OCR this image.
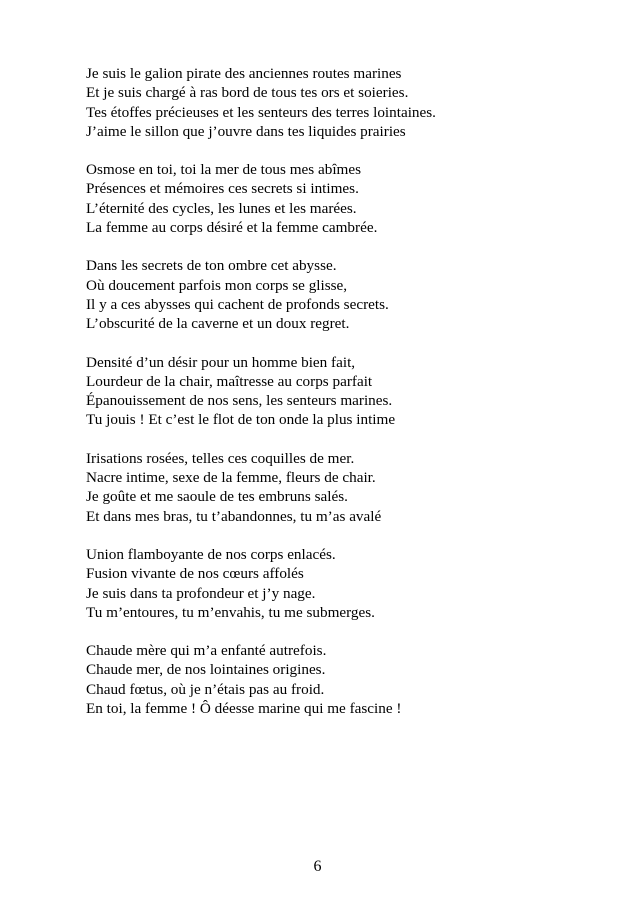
Je suis le galion pirate des anciennes routes marines
Et je suis chargé à ras bord de tous tes ors et soieries.
Tes étoffes précieuses et les senteurs des terres lointaines.
J’aime le sillon que j’ouvre dans tes liquides prairies
Osmose en toi, toi la mer de tous mes abîmes
Présences et mémoires ces secrets si intimes.
L’éternité des cycles, les lunes et les marées.
La femme au corps désiré et la femme cambrée.
Dans les secrets de ton ombre cet abysse.
Où doucement parfois mon corps se glisse,
Il y a ces abysses qui cachent de profonds secrets.
L’obscurité de la caverne et un doux regret.
Densité d’un désir pour un homme bien fait,
Lourdeur de la chair, maîtresse au corps parfait
Épanouissement de nos sens, les senteurs marines.
Tu jouis ! Et c’est le flot de ton onde la plus intime
Irisations rosées, telles ces coquilles de mer.
Nacre intime, sexe de la femme, fleurs de chair.
Je goûte et me saoule de tes embruns salés.
Et dans mes bras, tu t’abandonnes, tu m’as avalé
Union flamboyante de nos corps enlacés.
Fusion vivante de nos cœurs affolés
Je suis dans ta profondeur et j’y nage.
Tu m’entoures, tu m’envahis, tu me submerges.
Chaude mère qui m’a enfanté autrefois.
Chaude mer, de nos lointaines origines.
Chaud fœtus, où je n’étais pas au froid.
En toi, la femme ! Ô déesse marine qui me fascine !
6
